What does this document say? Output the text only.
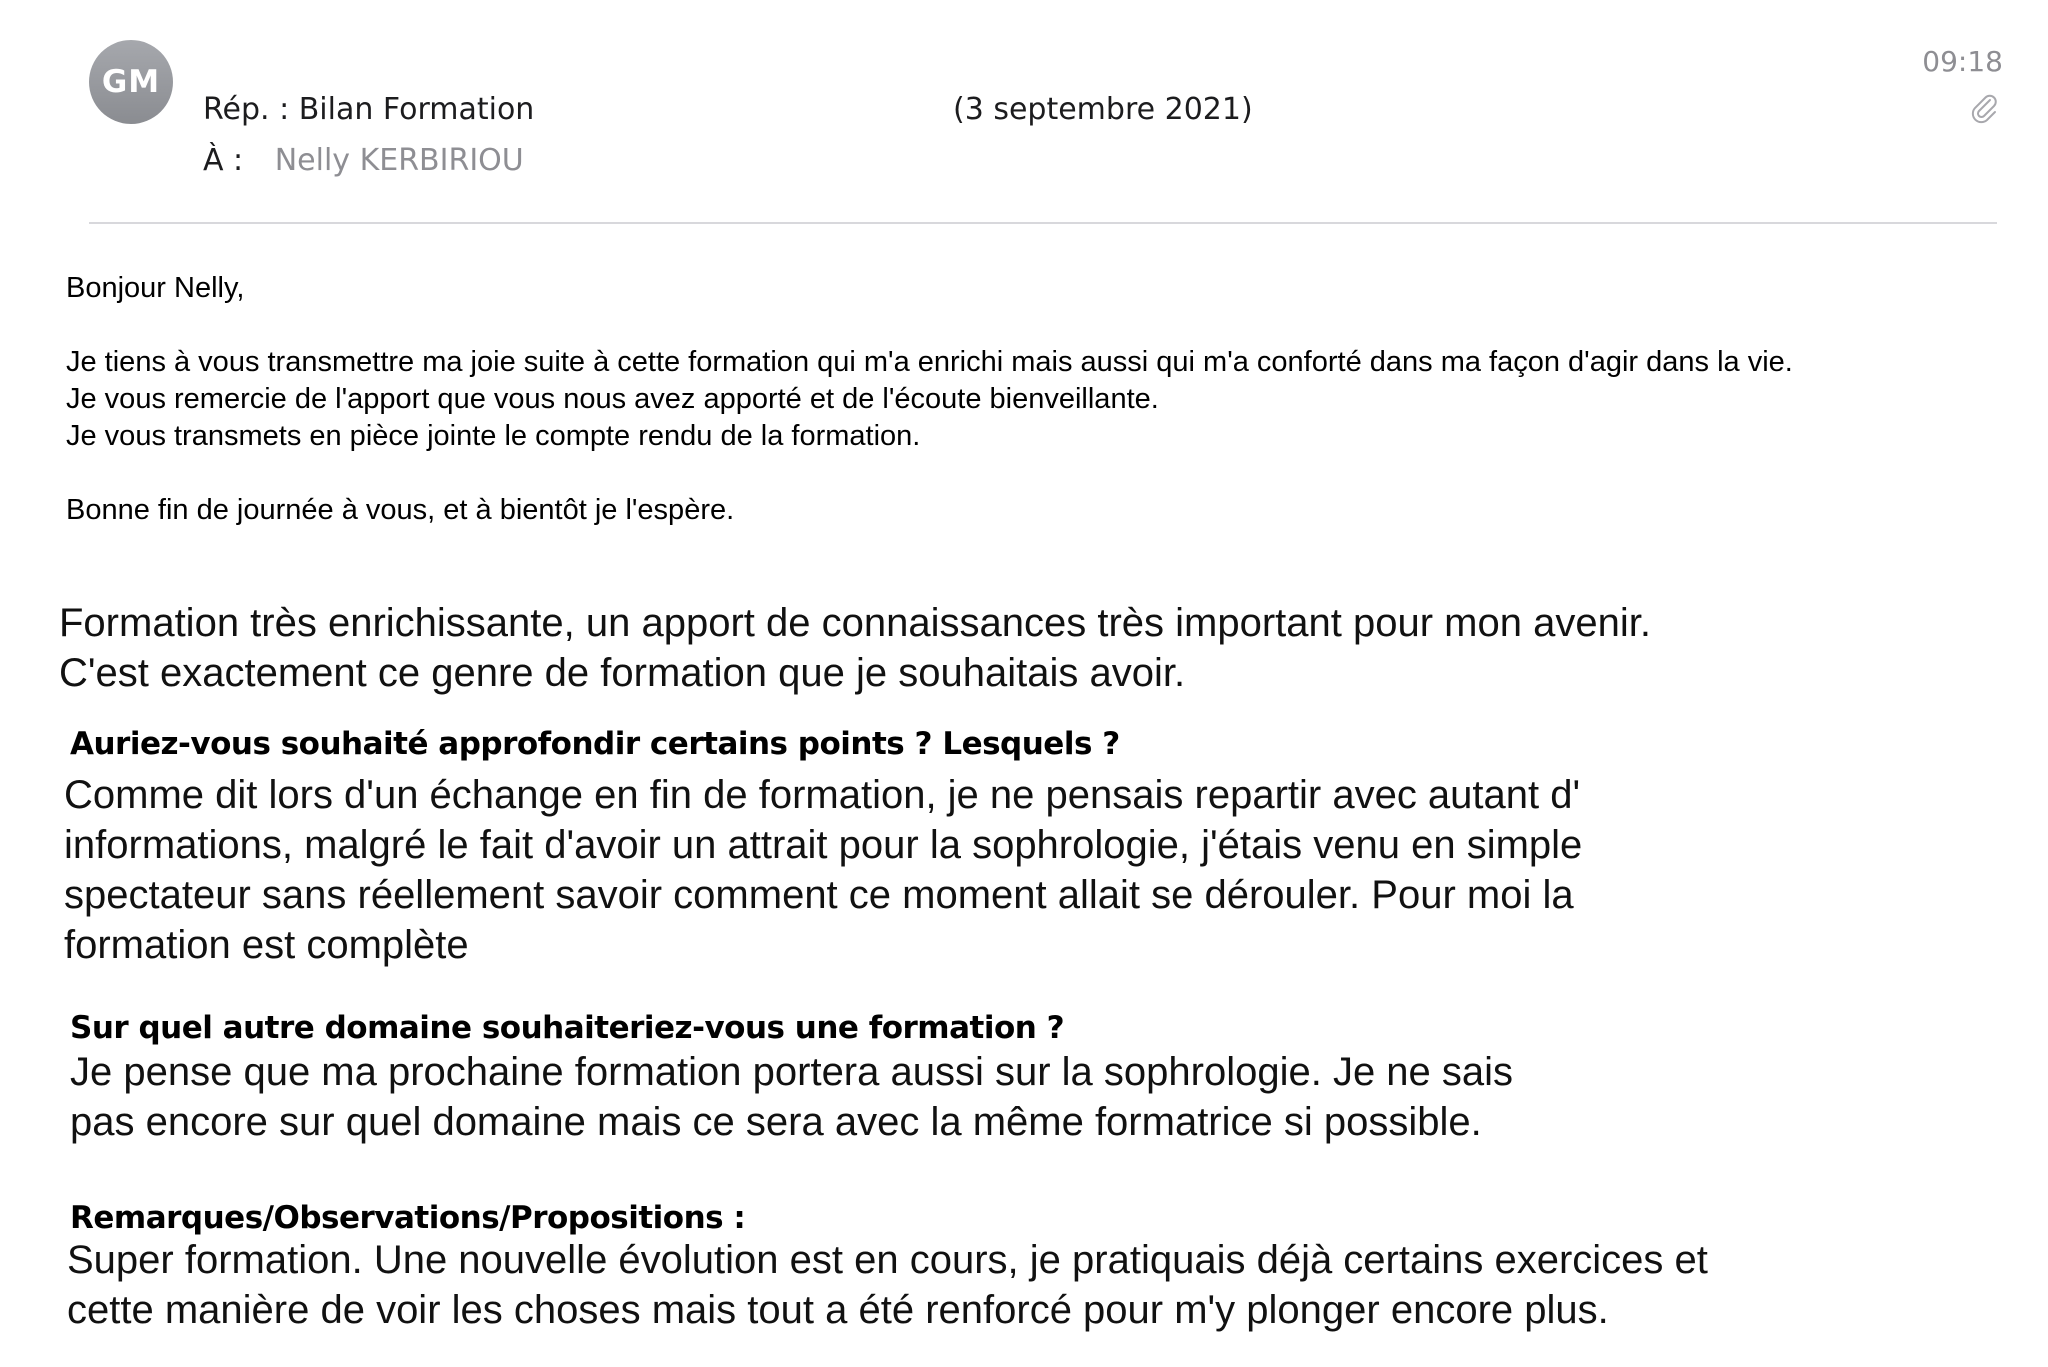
GM
Rép. : Bilan Formation	(3 septembre 2021)
À : Nelly KERBIRIOU
09:18

Bonjour Nelly,

Je tiens à vous transmettre ma joie suite à cette formation qui m'a enrichi mais aussi qui m'a conforté dans ma façon d'agir dans la vie.

Je vous remercie de l'apport que vous nous avez apporté et de l'écoute bienveillante.

Je vous transmets en pièce jointe le compte rendu de la formation.

Bonne fin de journée à vous, et à bientôt je l'espère.

Formation très enrichissante, un apport de connaissances très important pour mon avenir.

C'est exactement ce genre de formation que je souhaitais avoir.

Auriez-vous souhaité approfondir certains points ? Lesquels ?

Comme dit lors d'un échange en fin de formation, je ne pensais repartir avec autant d'

informations, malgré le fait d'avoir un attrait pour la sophrologie, j'étais venu en simple

spectateur sans réellement savoir comment ce moment allait se dérouler. Pour moi la

formation est complète

Sur quel autre domaine souhaiteriez-vous une formation ?

Je pense que ma prochaine formation portera aussi sur la sophrologie. Je ne sais

pas encore sur quel domaine mais ce sera avec la même formatrice si possible.

Remarques/Observations/Propositions :

Super formation. Une nouvelle évolution est en cours, je pratiquais déjà certains exercices et

cette manière de voir les choses mais tout a été renforcé pour m'y plonger encore plus.
